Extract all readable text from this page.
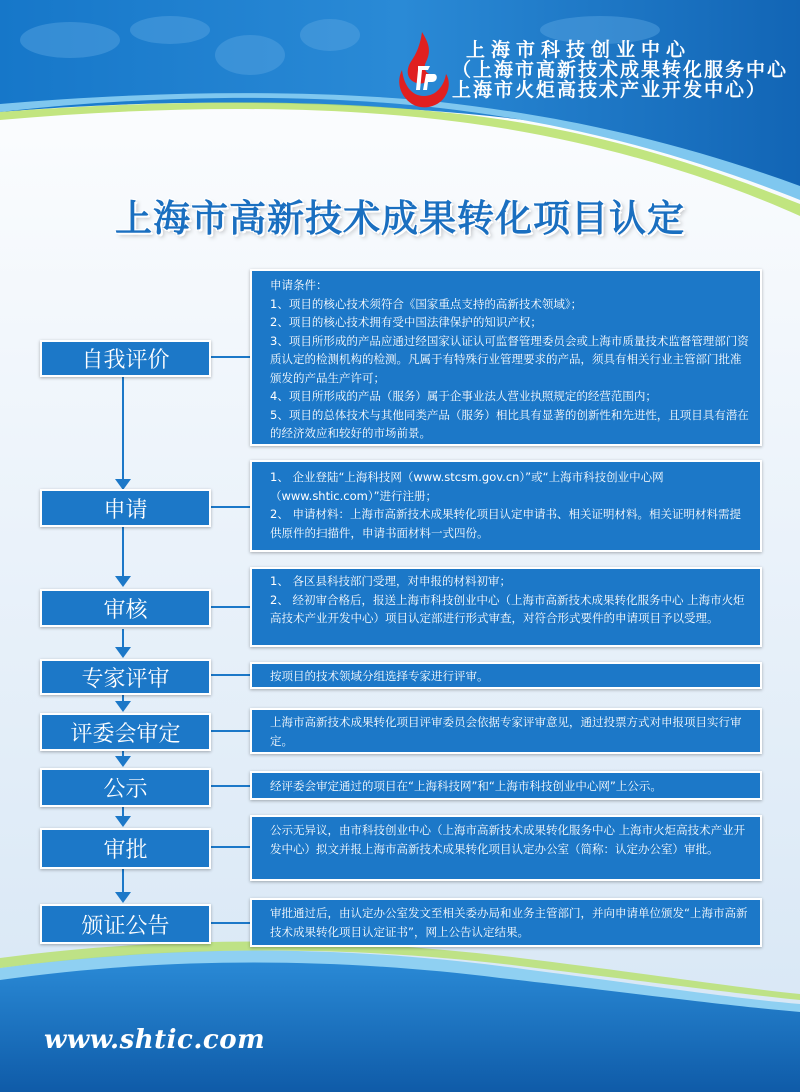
上海市科技创业中心
（上海市高新技术成果转化服务中心
上海市火炬高技术产业开发中心）
上海市高新技术成果转化项目认定
自我评价
申请条件：
1、项目的核心技术须符合《国家重点支持的高新技术领域》；
2、项目的核心技术拥有受中国法律保护的知识产权；
3、项目所形成的产品应通过经国家认证认可监督管理委员会或上海市质量技术监督管理部门资质认定的检测机构的检测。凡属于有特殊行业管理要求的产品，须具有相关行业主管部门批准颁发的产品生产许可；
4、项目所形成的产品（服务）属于企事业法人营业执照规定的经营范围内；
5、项目的总体技术与其他同类产品（服务）相比具有显著的创新性和先进性，且项目具有潜在的经济效应和较好的市场前景。
申请
1、 企业登陆“上海科技网（www.stcsm.gov.cn）”或“上海市科技创业中心网（www.shtic.com）”进行注册；
2、 申请材料：上海市高新技术成果转化项目认定申请书、相关证明材料。相关证明材料需提供原件的扫描件，申请书面材料一式四份。
审核
1、 各区县科技部门受理，对申报的材料初审；
2、 经初审合格后，报送上海市科技创业中心（上海市高新技术成果转化服务中心 上海市火炬高技术产业开发中心）项目认定部进行形式审查，对符合形式要件的申请项目予以受理。
专家评审	按项目的技术领域分组选择专家进行评审。
评委会审定	上海市高新技术成果转化项目评审委员会依据专家评审意见，通过投票方式对申报项目实行审定。
公示	经评委会审定通过的项目在“上海科技网”和“上海市科技创业中心网”上公示。
审批
公示无异议，由市科技创业中心（上海市高新技术成果转化服务中心 上海市火炬高技术产业开发中心）拟文并报上海市高新技术成果转化项目认定办公室（简称：认定办公室）审批。
颁证公告
审批通过后，由认定办公室发文至相关委办局和业务主管部门，并向申请单位颁发“上海市高新技术成果转化项目认定证书”，网上公告认定结果。
www.shtic.com
